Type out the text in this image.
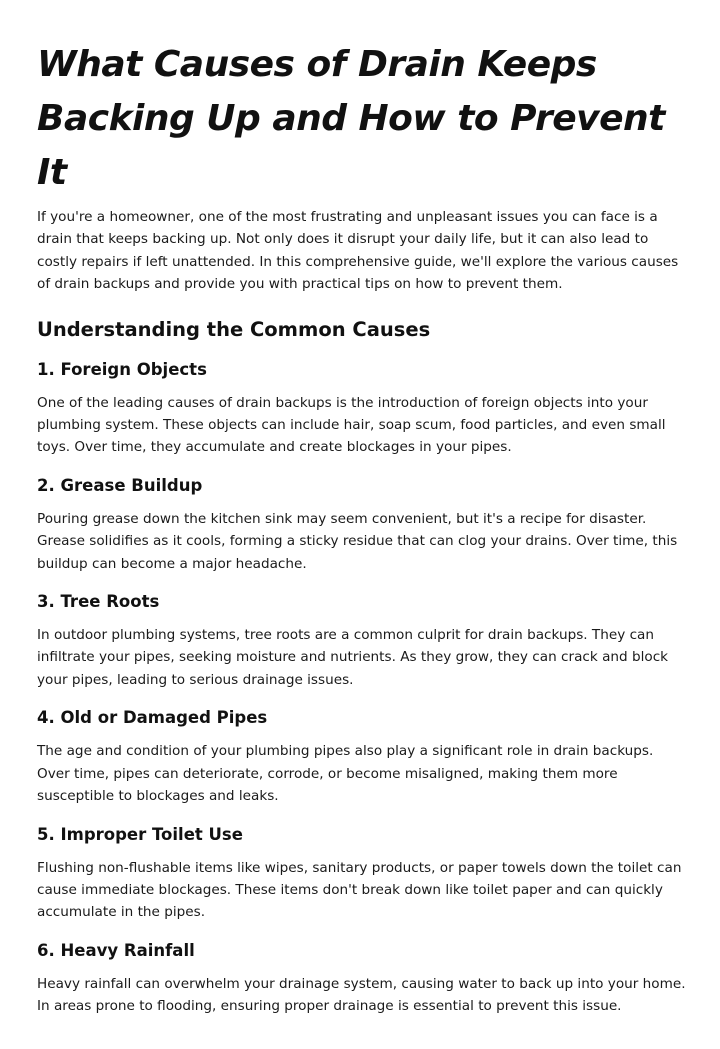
What Causes of Drain Keeps
Backing Up and How to Prevent It

If you're a homeowner, one of the most frustrating and unpleasant issues you can face is a drain that keeps backing up. Not only does it disrupt your daily life, but it can also lead to costly repairs if left unattended. In this comprehensive guide, we'll explore the various causes of drain backups and provide you with practical tips on how to prevent them.

Understanding the Common Causes
1. Foreign Objects

One of the leading causes of drain backups is the introduction of foreign objects into your plumbing system. These objects can include hair, soap scum, food particles, and even small toys. Over time, they accumulate and create blockages in your pipes.

2. Grease Buildup

Pouring grease down the kitchen sink may seem convenient, but it's a recipe for disaster. Grease solidifies as it cools, forming a sticky residue that can clog your drains. Over time, this buildup can become a major headache.

3. Tree Roots

In outdoor plumbing systems, tree roots are a common culprit for drain backups. They can infiltrate your pipes, seeking moisture and nutrients. As they grow, they can crack and block your pipes, leading to serious drainage issues.

4. Old or Damaged Pipes

The age and condition of your plumbing pipes also play a significant role in drain backups. Over time, pipes can deteriorate, corrode, or become misaligned, making them more susceptible to blockages and leaks.

5. Improper Toilet Use

Flushing non-flushable items like wipes, sanitary products, or paper towels down the toilet can cause immediate blockages. These items don't break down like toilet paper and can quickly accumulate in the pipes.

6. Heavy Rainfall

Heavy rainfall can overwhelm your drainage system, causing water to back up into your home. In areas prone to flooding, ensuring proper drainage is essential to prevent this issue.
